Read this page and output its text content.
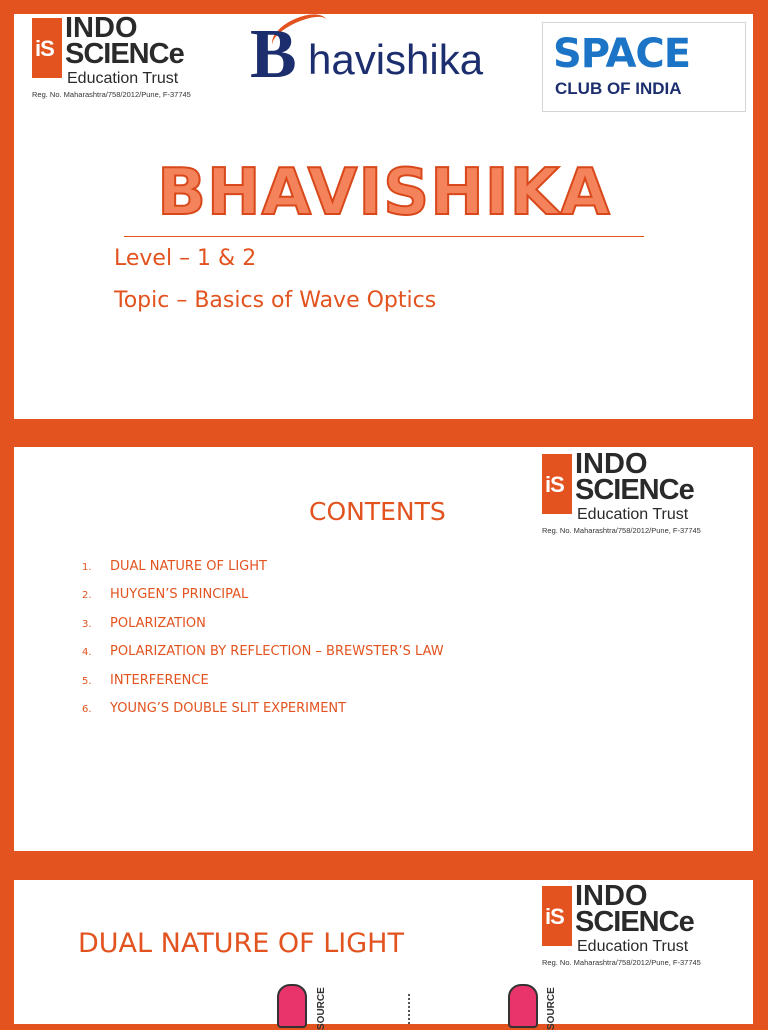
iS
INDO
SCIENCe
Education Trust
Reg. No. Maharashtra/758/2012/Pune, F-37745
B havishika SPACE
CLUB OF INDIA
BHAVISHIKA
Level – 1 & 2
Topic – Basics of Wave Optics
iS
INDO
SCIENCe
Education Trust
Reg. No. Maharashtra/758/2012/Pune, F-37745
CONTENTS
1. DUAL NATURE OF LIGHT
2. HUYGEN’S PRINCIPAL
3. POLARIZATION
4. POLARIZATION BY REFLECTION – BREWSTER’S LAW
5. INTERFERENCE
6. YOUNG’S DOUBLE SLIT EXPERIMENT
iS
INDO
SCIENCe
Education Trust
Reg. No. Maharashtra/758/2012/Pune, F-37745
DUAL NATURE OF LIGHT
SOURCE	SOURCE
